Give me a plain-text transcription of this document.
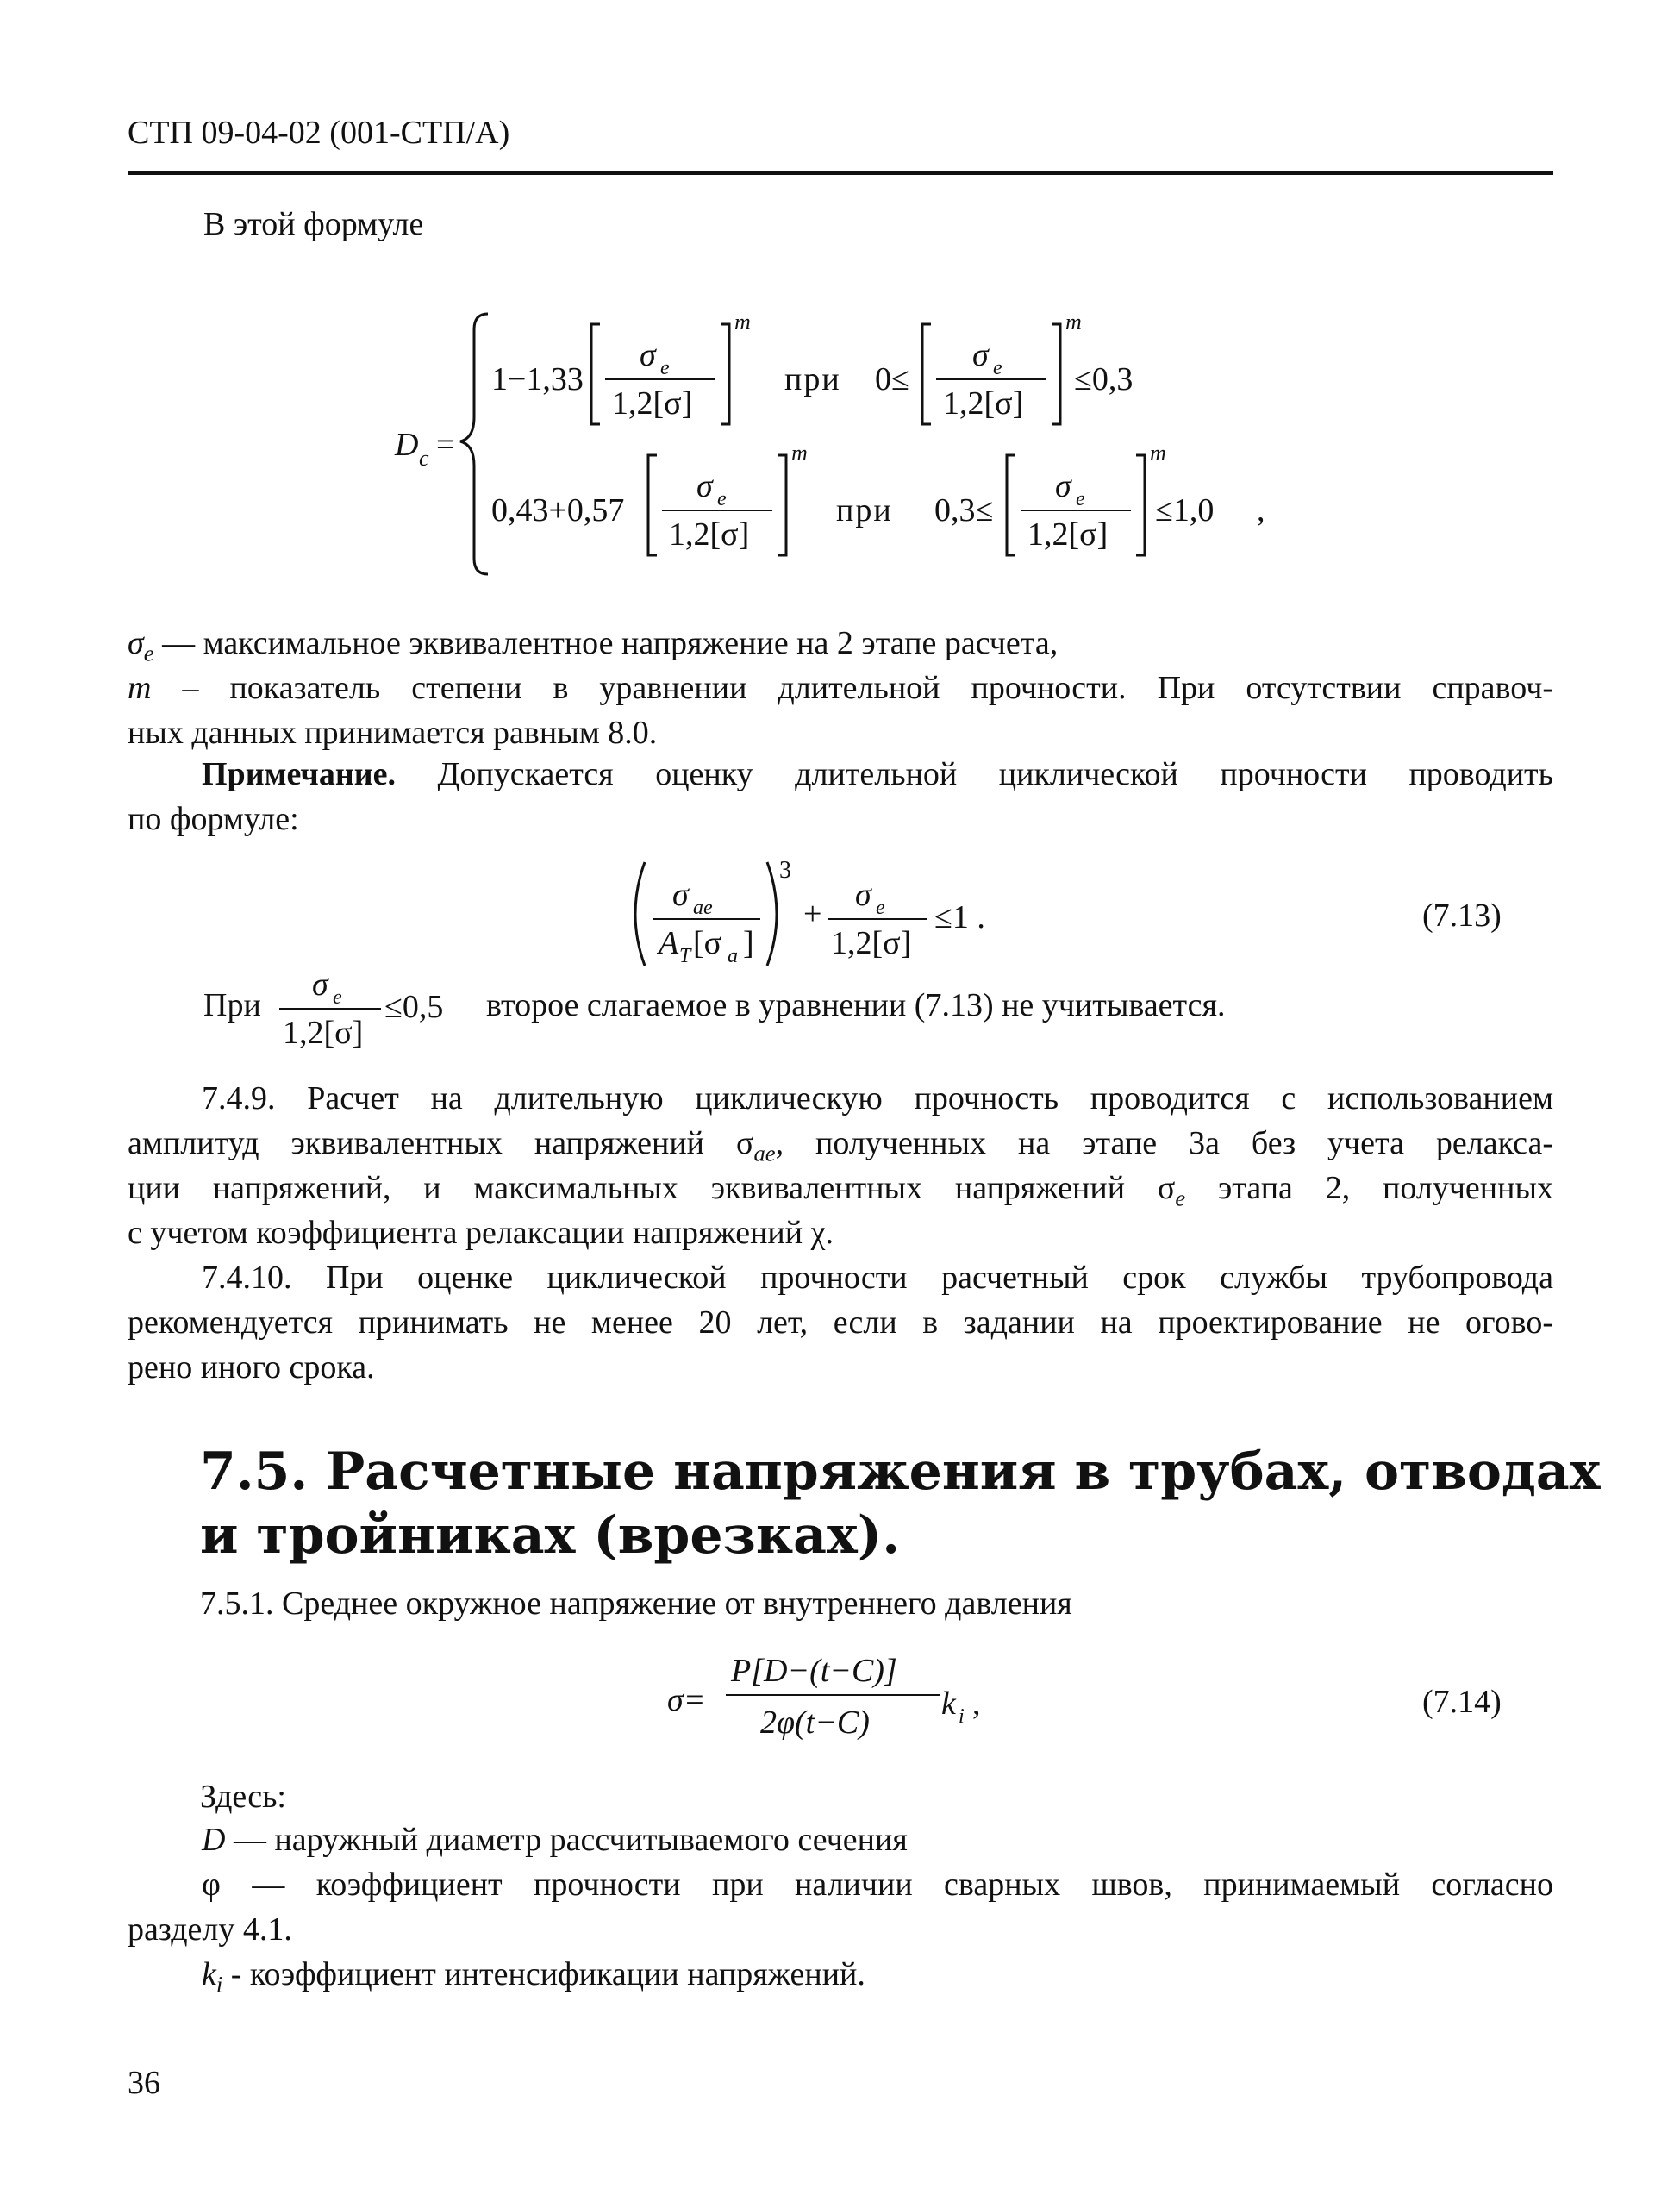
СТП 09-04-02 (001-СТП/А)
В этой формуле
D c =
1−1,33
σ e
1,2[σ]
m
при 0≤
σ e
1,2[σ]
m
≤0,3
0,43+0,57
σ e
1,2[σ]
m
при 0,3≤
σ e
1,2[σ]
m
≤1,0 ,
$\sigma_e$ — максимальное эквивалентное напряжение на 2 этапе расчета,
m – показатель степени в уравнении длительной прочности. При отсутствии справоч-
ных данных принимается равным 8.0.
Примечание. Допускается оценку длительной циклической прочности проводить
по формуле:
σ ae
A T [σ a ]
3
+
σ e
1,2[σ]
≤1 .	(7.13)
При
σ e
1,2[σ]
≤0,5 второе слагаемое в уравнении (7.13) не учитывается.
7.4.9. Расчет на длительную циклическую прочность проводится с использованием
амплитуд эквивалентных напряжений $\sigma_{ae}$, полученных на этапе 3а без учета релакса-
ции напряжений, и максимальных эквивалентных напряжений $\sigma_e$ этапа 2, полученных
с учетом коэффициента релаксации напряжений χ.
7.4.10. При оценке циклической прочности расчетный срок службы трубопровода
рекомендуется принимать не менее 20 лет, если в задании на проектирование не огово-
рено иного срока.
7.5. Расчетные напряжения в трубах, отводах
и тройниках (врезках).
7.5.1. Среднее окружное напряжение от внутреннего давления
σ=
P[D−(t−C)]
2φ(t−C)
k i ,	(7.14)
Здесь:
D — наружный диаметр рассчитываемого сечения
φ — коэффициент прочности при наличии сварных швов, принимаемый согласно
разделу 4.1.
$k_i$ - коэффициент интенсификации напряжений.
36
